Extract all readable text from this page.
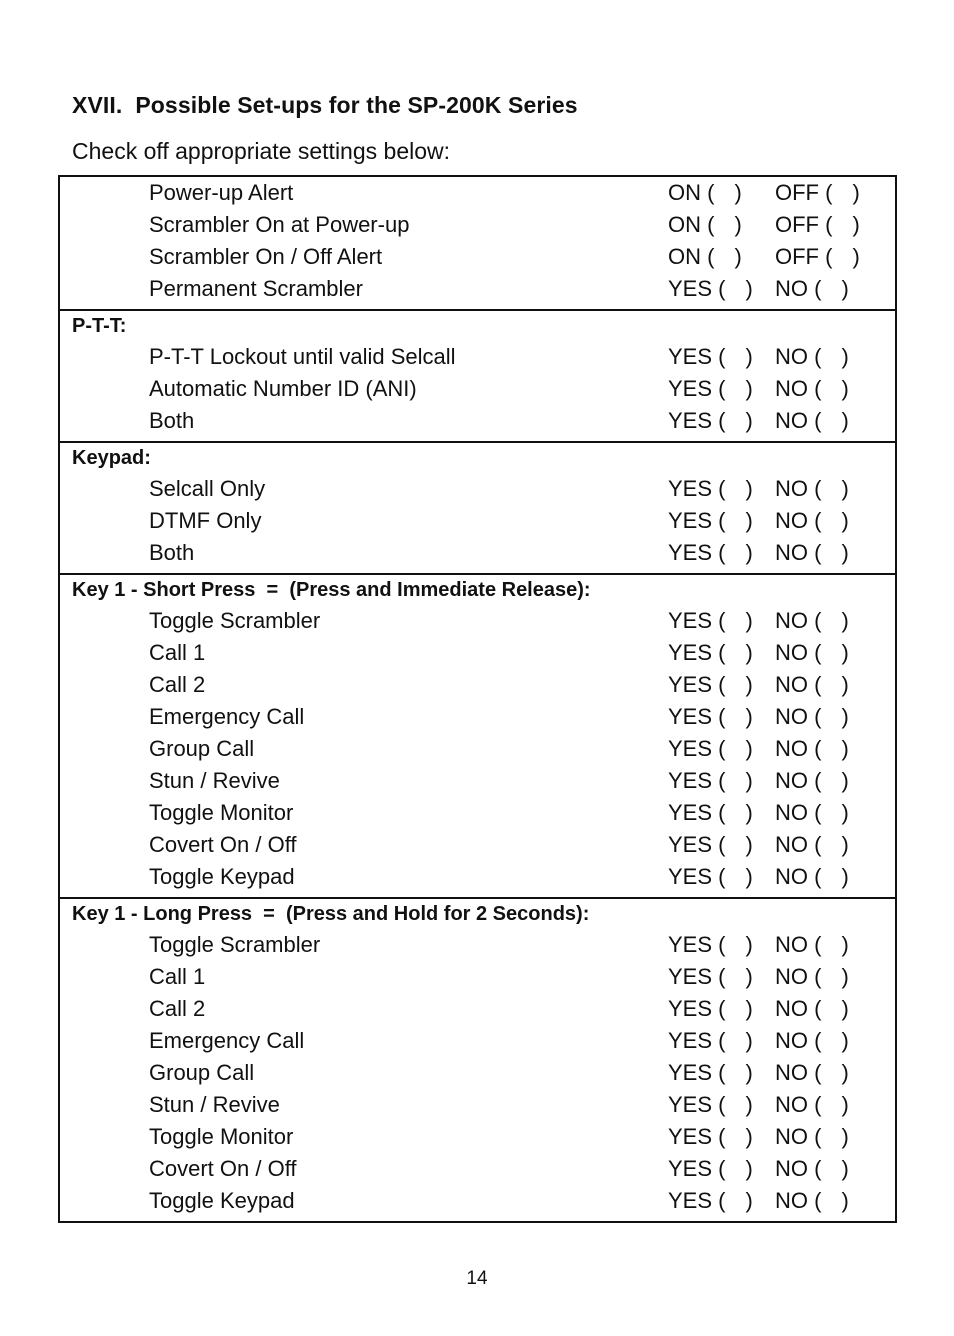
XVII.  Possible Set-ups for the SP-200K Series
Check off appropriate settings below:
Power-up Alert	ON ( ) OFF ( )
Scrambler On at Power-up	ON ( ) OFF ( )
Scrambler On / Off Alert	ON ( ) OFF ( )
Permanent Scrambler	YES ( ) NO ( )
P-T-T:
P-T-T Lockout until valid Selcall	YES ( ) NO ( )
Automatic Number ID (ANI)	YES ( ) NO ( )
Both	YES ( ) NO ( )
Keypad:
Selcall Only	YES ( ) NO ( )
DTMF Only	YES ( ) NO ( )
Both	YES ( ) NO ( )
Key 1 - Short Press  =  (Press and Immediate Release):
Toggle Scrambler	YES ( ) NO ( )
Call 1	YES ( ) NO ( )
Call 2	YES ( ) NO ( )
Emergency Call	YES ( ) NO ( )
Group Call	YES ( ) NO ( )
Stun / Revive	YES ( ) NO ( )
Toggle Monitor	YES ( ) NO ( )
Covert On / Off	YES ( ) NO ( )
Toggle Keypad	YES ( ) NO ( )
Key 1 - Long Press  =  (Press and Hold for 2 Seconds):
Toggle Scrambler	YES ( ) NO ( )
Call 1	YES ( ) NO ( )
Call 2	YES ( ) NO ( )
Emergency Call	YES ( ) NO ( )
Group Call	YES ( ) NO ( )
Stun / Revive	YES ( ) NO ( )
Toggle Monitor	YES ( ) NO ( )
Covert On / Off	YES ( ) NO ( )
Toggle Keypad	YES ( ) NO ( )
14
